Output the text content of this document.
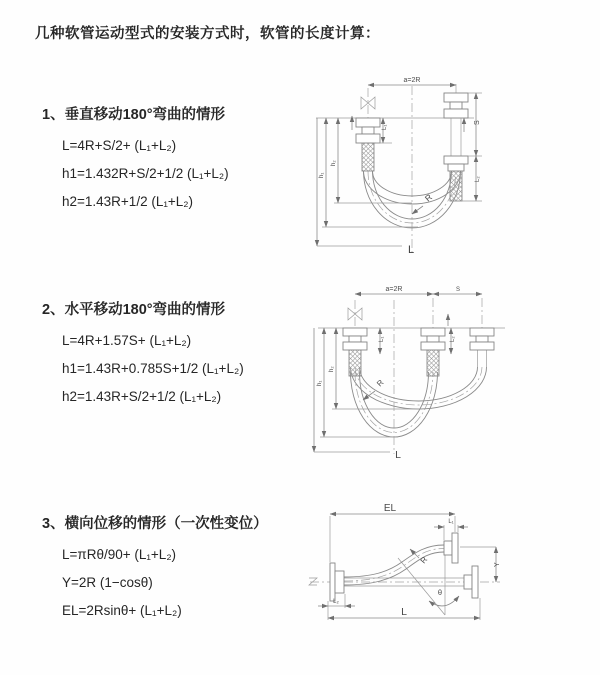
几种软管运动型式的安装方式时，软管的长度计算：
1、垂直移动180°弯曲的情形
L=4R+S/2+ (L₁+L₂)
h1=1.432R+S/2+1/2 (L₁+L₂)
h2=1.43R+1/2 (L₁+L₂)
a=2R
h₁
h₂
L₁
S
L₂
R
L
2、水平移动180°弯曲的情形
L=4R+1.57S+ (L₁+L₂)
h1=1.43R+0.785S+1/2 (L₁+L₂)
h2=1.43R+S/2+1/2 (L₁+L₂)
a=2R	S
h₁
h₂
L₁	L₂
R
L
3、横向位移的情形（一次性变位）
L=πRθ/90+ (L₁+L₂)
Y=2R (1−cosθ)
EL=2Rsinθ+ (L₁+L₂)
θ
EL
L₁
Y
R
L₂
L
